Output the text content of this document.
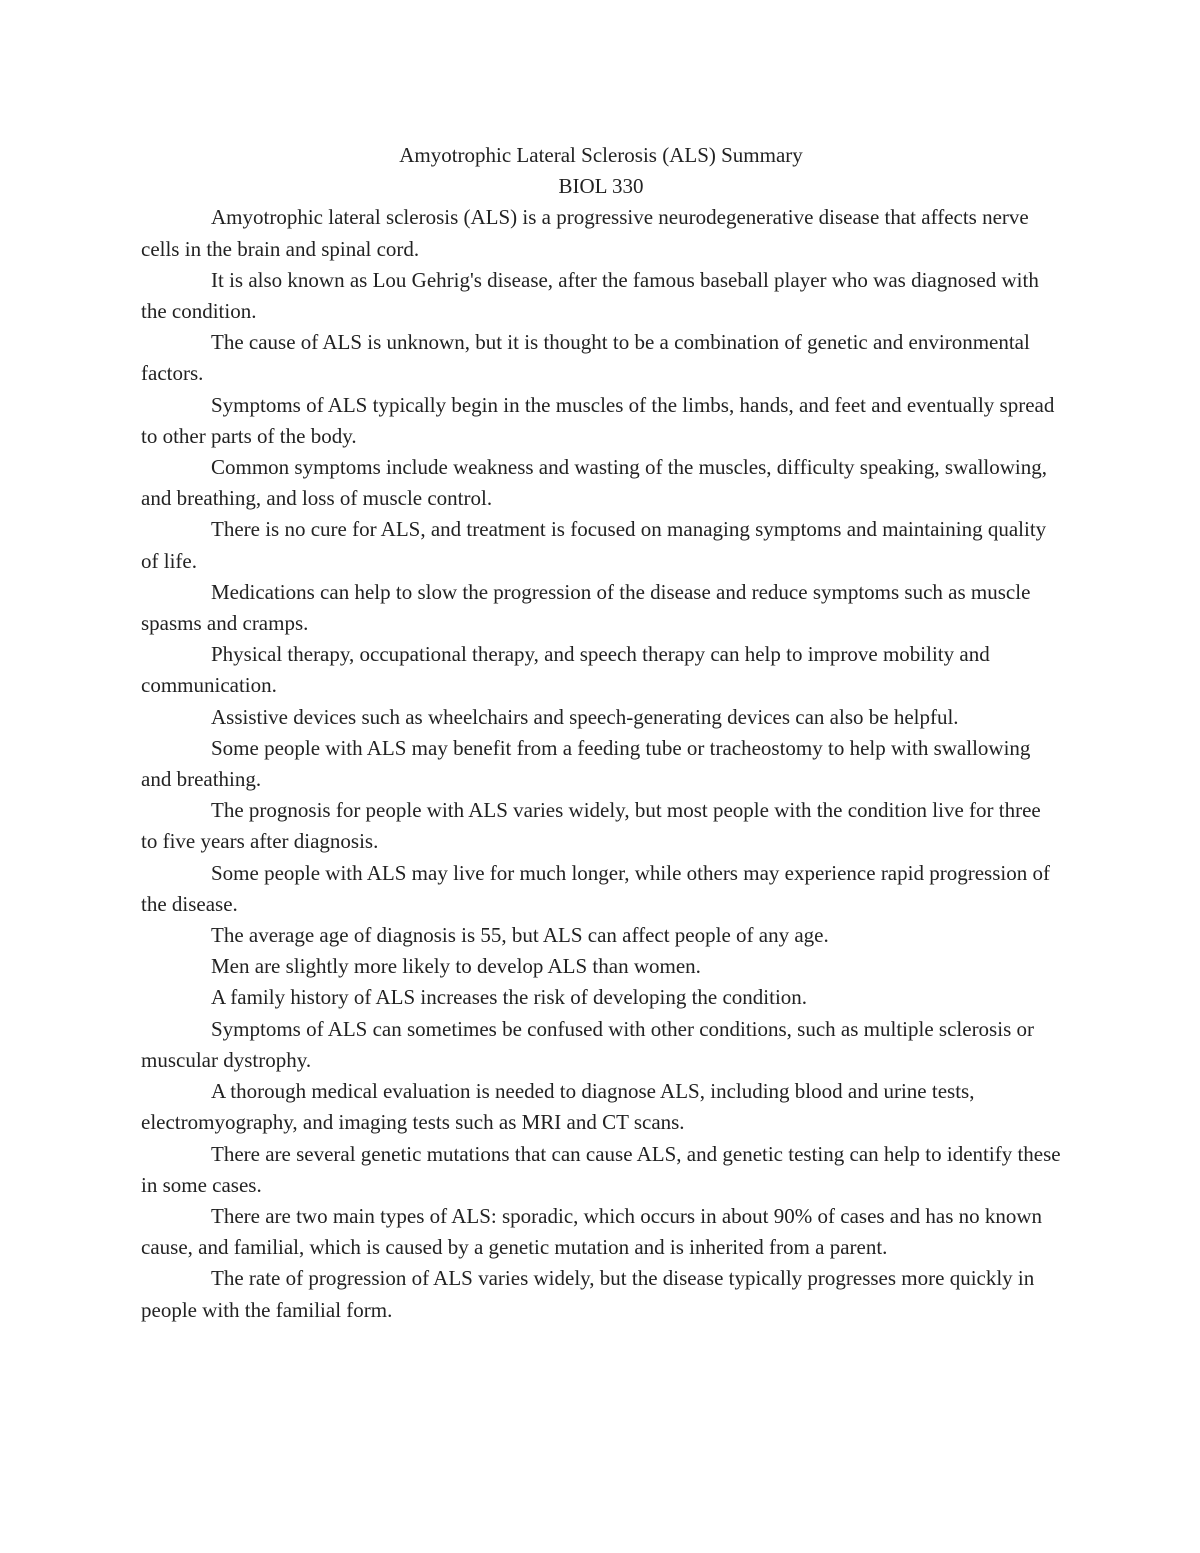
Amyotrophic Lateral Sclerosis (ALS) Summary

BIOL 330

Amyotrophic lateral sclerosis (ALS) is a progressive neurodegenerative disease that affects nerve cells in the brain and spinal cord.

It is also known as Lou Gehrig's disease, after the famous baseball player who was diagnosed with the condition.

The cause of ALS is unknown, but it is thought to be a combination of genetic and environmental factors.

Symptoms of ALS typically begin in the muscles of the limbs, hands, and feet and eventually spread to other parts of the body.

Common symptoms include weakness and wasting of the muscles, difficulty speaking, swallowing, and breathing, and loss of muscle control.

There is no cure for ALS, and treatment is focused on managing symptoms and maintaining quality of life.

Medications can help to slow the progression of the disease and reduce symptoms such as muscle spasms and cramps.

Physical therapy, occupational therapy, and speech therapy can help to improve mobility and communication.

Assistive devices such as wheelchairs and speech-generating devices can also be helpful.

Some people with ALS may benefit from a feeding tube or tracheostomy to help with swallowing and breathing.

The prognosis for people with ALS varies widely, but most people with the condition live for three to five years after diagnosis.

Some people with ALS may live for much longer, while others may experience rapid progression of the disease.

The average age of diagnosis is 55, but ALS can affect people of any age.

Men are slightly more likely to develop ALS than women.

A family history of ALS increases the risk of developing the condition.

Symptoms of ALS can sometimes be confused with other conditions, such as multiple sclerosis or muscular dystrophy.

A thorough medical evaluation is needed to diagnose ALS, including blood and urine tests, electromyography, and imaging tests such as MRI and CT scans.

There are several genetic mutations that can cause ALS, and genetic testing can help to identify these in some cases.

There are two main types of ALS: sporadic, which occurs in about 90% of cases and has no known cause, and familial, which is caused by a genetic mutation and is inherited from a parent.

The rate of progression of ALS varies widely, but the disease typically progresses more quickly in people with the familial form.
